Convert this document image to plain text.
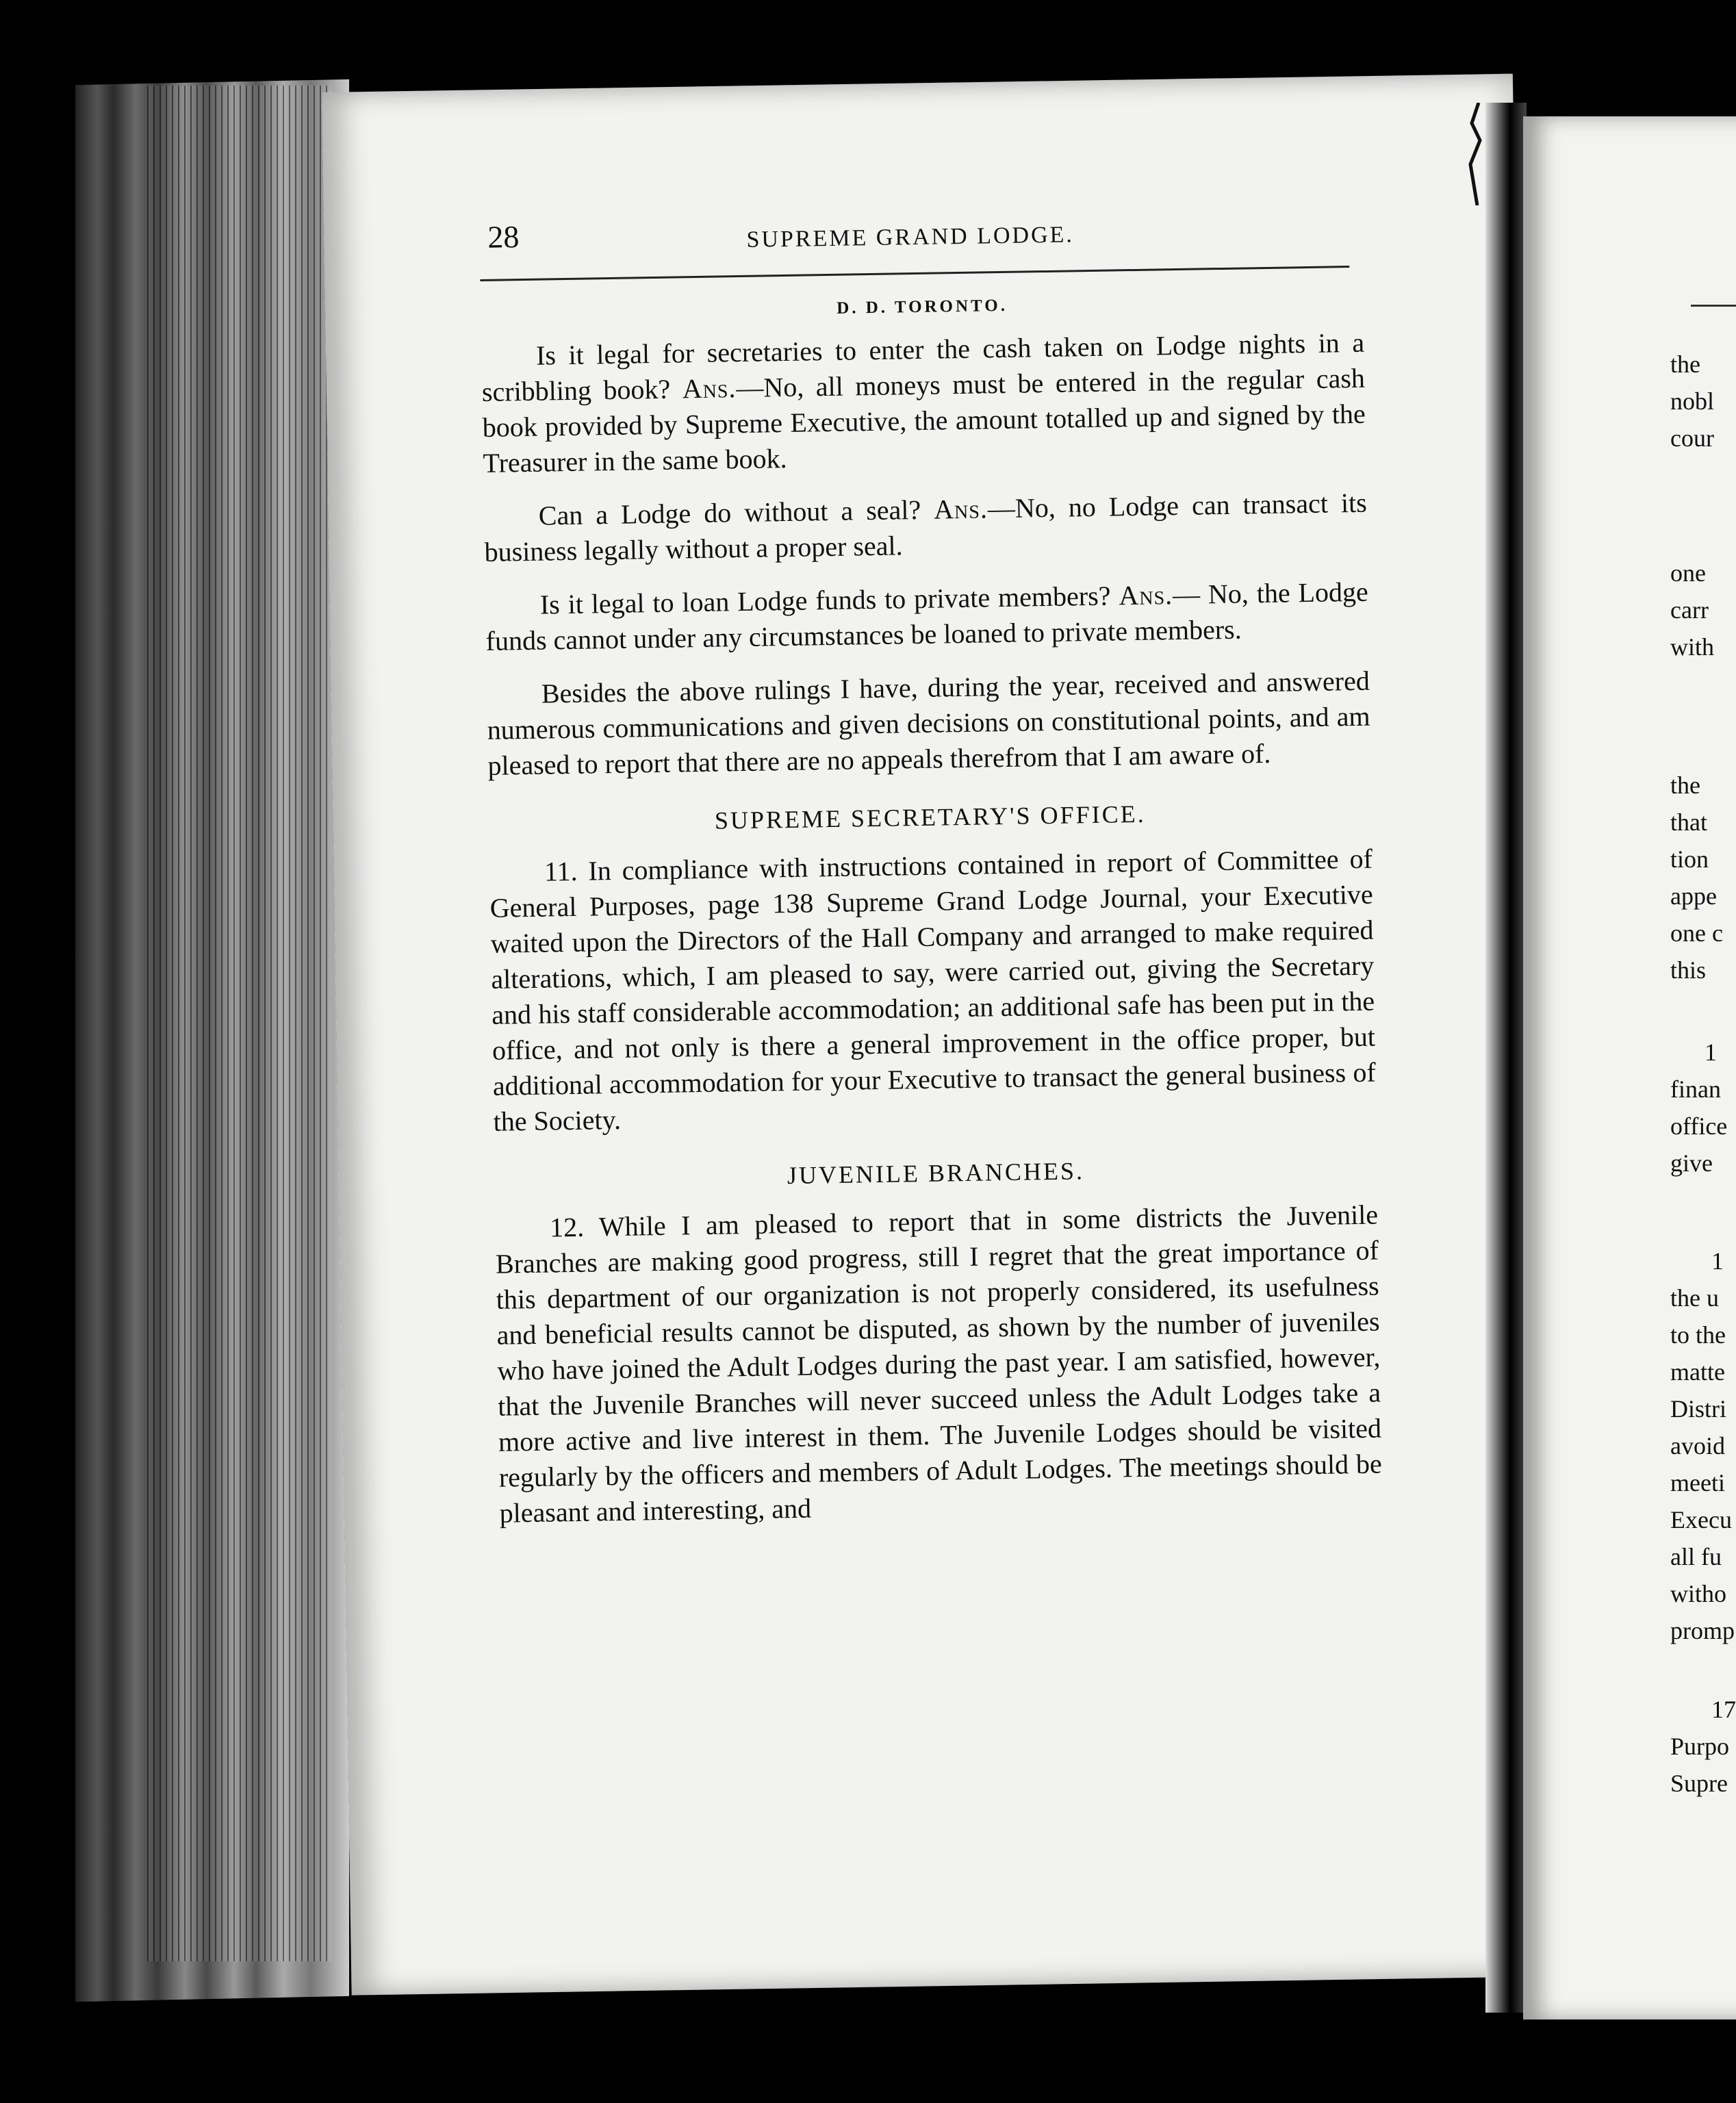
28	SUPREME GRAND LODGE.
D. D. TORONTO.

Is it legal for secretaries to enter the cash taken on Lodge nights in a scribbling book? Ans.—No, all moneys must be entered in the regular cash book provided by Supreme Executive, the amount totalled up and signed by the Treasurer in the same book.

Can a Lodge do without a seal? Ans.—No, no Lodge can transact its business legally without a proper seal.

Is it legal to loan Lodge funds to private members? Ans.— No, the Lodge funds cannot under any circumstances be loaned to private members.

Besides the above rulings I have, during the year, received and answered numerous communications and given decisions on constitutional points, and am pleased to report that there are no appeals therefrom that I am aware of.

SUPREME SECRETARY'S OFFICE.

11. In compliance with instructions contained in report of Committee of General Purposes, page 138 Supreme Grand Lodge Journal, your Executive waited upon the Directors of the Hall Company and arranged to make required alterations, which, I am pleased to say, were carried out, giving the Secretary and his staff considerable accommodation; an additional safe has been put in the office, and not only is there a general improvement in the office proper, but additional accommodation for your Executive to transact the general business of the Society.

JUVENILE BRANCHES.

12. While I am pleased to report that in some districts the Juvenile Branches are making good progress, still I regret that the great importance of this department of our organization is not properly considered, its usefulness and beneficial results cannot be disputed, as shown by the number of juveniles who have joined the Adult Lodges during the past year. I am satisfied, however, that the Juvenile Branches will never succeed unless the Adult Lodges take a more active and live interest in them. The Juvenile Lodges should be visited regularly by the officers and members of Adult Lodges. The meetings should be pleasant and interesting, and

the
nobl
cour
one
carr
with
the
that
tion
appe
one c
this
1
finan
office
give
1
the u
to the
matte
Distri
avoid
meeti
Execu
all fu
witho
promp
17
Purpo
Supre
